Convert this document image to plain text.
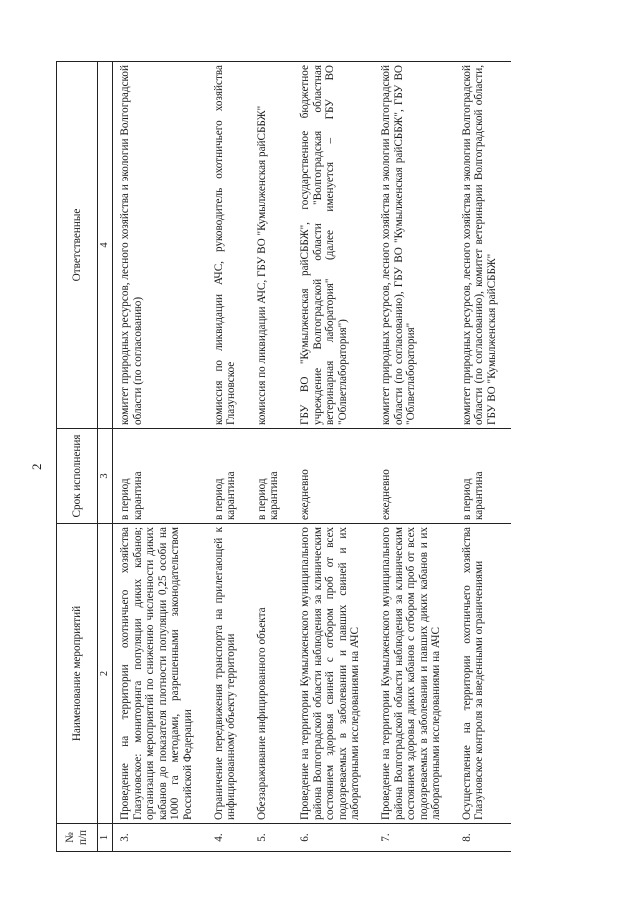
2
№ п/п	Наименование мероприятий	Срок исполнения	Ответственные
1	2	3	4
3.	Проведение на территории охотничьего хозяйства Глазуновское: мониторинга популяции диких кабанов; организация мероприятий по снижению численности диких кабанов до показателя плотности популяции 0,25 особи на 1000 га методами, разрешенными законодательством Российской Федерации	в период карантина	комитет природных ресурсов, лесного хозяйства и экологии Волгоградской области (по согласованию)
4.	Ограничение передвижения транспорта на прилегающей к инфицированному объекту территории	в период карантина	комиссия по ликвидации АЧС, руководитель охотничьего хозяйства Глазуновское
5.	Обеззараживание инфицированного объекта	в период карантина	комиссия по ликвидации АЧС, ГБУ ВО "Кумылженская райСББЖ"
6.	Проведение на территории Кумылженского муниципального района Волгоградской области наблюдения за клиническим состоянием здоровья свиней с отбором проб от всех подозреваемых в заболевании и павших свиней и их лабораторными исследованиями на АЧС	ежедневно	ГБУ ВО "Кумылженская райСББЖ", государственное бюджетное учреждение Волгоградской области "Волгоградская областная ветеринарная лаборатория" (далее именуется – ГБУ ВО "Облветлаборатория")
7.	Проведение на территории Кумылженского муниципального района Волгоградской области наблюдения за клиническим состоянием здоровья диких кабанов с отбором проб от всех подозреваемых в заболевании и павших диких кабанов и их лабораторными исследованиями на АЧС	ежедневно	комитет природных ресурсов, лесного хозяйства и экологии Волгоградской области (по согласованию), ГБУ ВО "Кумылженская райСББЖ", ГБУ ВО "Облветлаборатория"
8.	Осуществление на территории охотничьего хозяйства Глазуновское контроля за введенными ограничениями	в период карантина	комитет природных ресурсов, лесного хозяйства и экологии Волгоградской области (по согласованию), комитет ветеринарии Волгоградской области, ГБУ ВО "Кумылженская райСББЖ"
